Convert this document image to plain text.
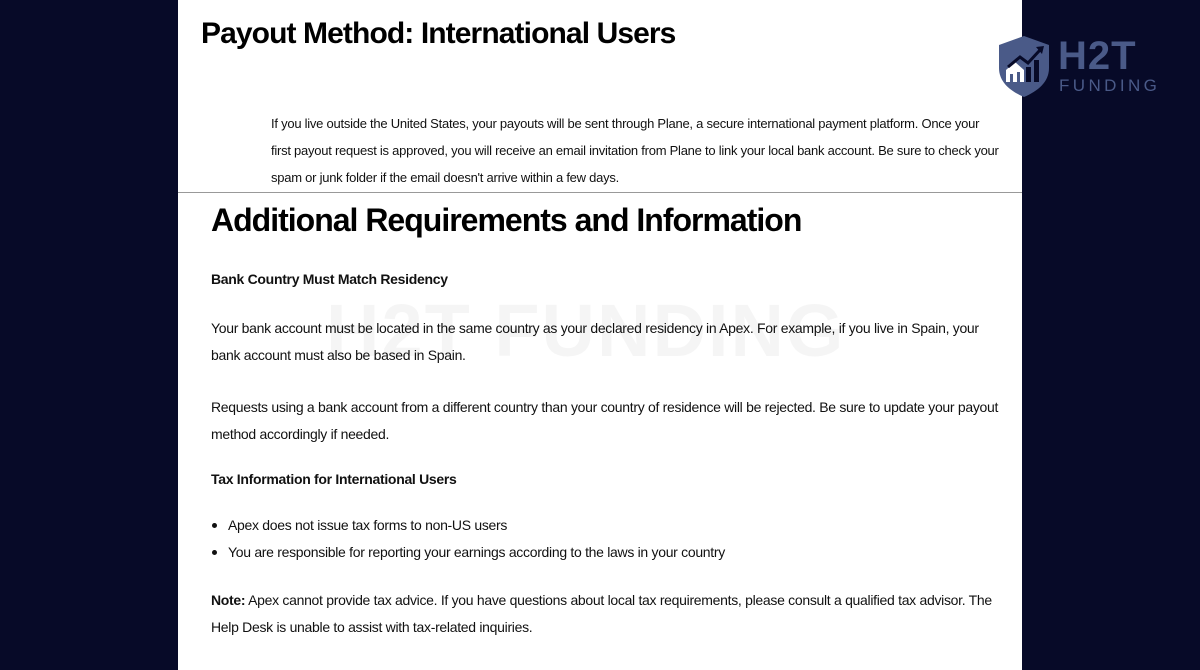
Payout Method: International Users

If you live outside the United States, your payouts will be sent through Plane, a secure international payment platform. Once your first payout request is approved, you will receive an email invitation from Plane to link your local bank account. Be sure to check your spam or junk folder if the email doesn't arrive within a few days.

Additional Requirements and Information
Bank Country Must Match Residency

Your bank account must be located in the same country as your declared residency in Apex. For example, if you live in Spain, your bank account must also be based in Spain.

Requests using a bank account from a different country than your country of residence will be rejected. Be sure to update your payout method accordingly if needed.

Tax Information for International Users
Apex does not issue tax forms to non-US users
You are responsible for reporting your earnings according to the laws in your country

Note: Apex cannot provide tax advice. If you have questions about local tax requirements, please consult a qualified tax advisor. The Help Desk is unable to assist with tax-related inquiries.

H2T
FUNDING
